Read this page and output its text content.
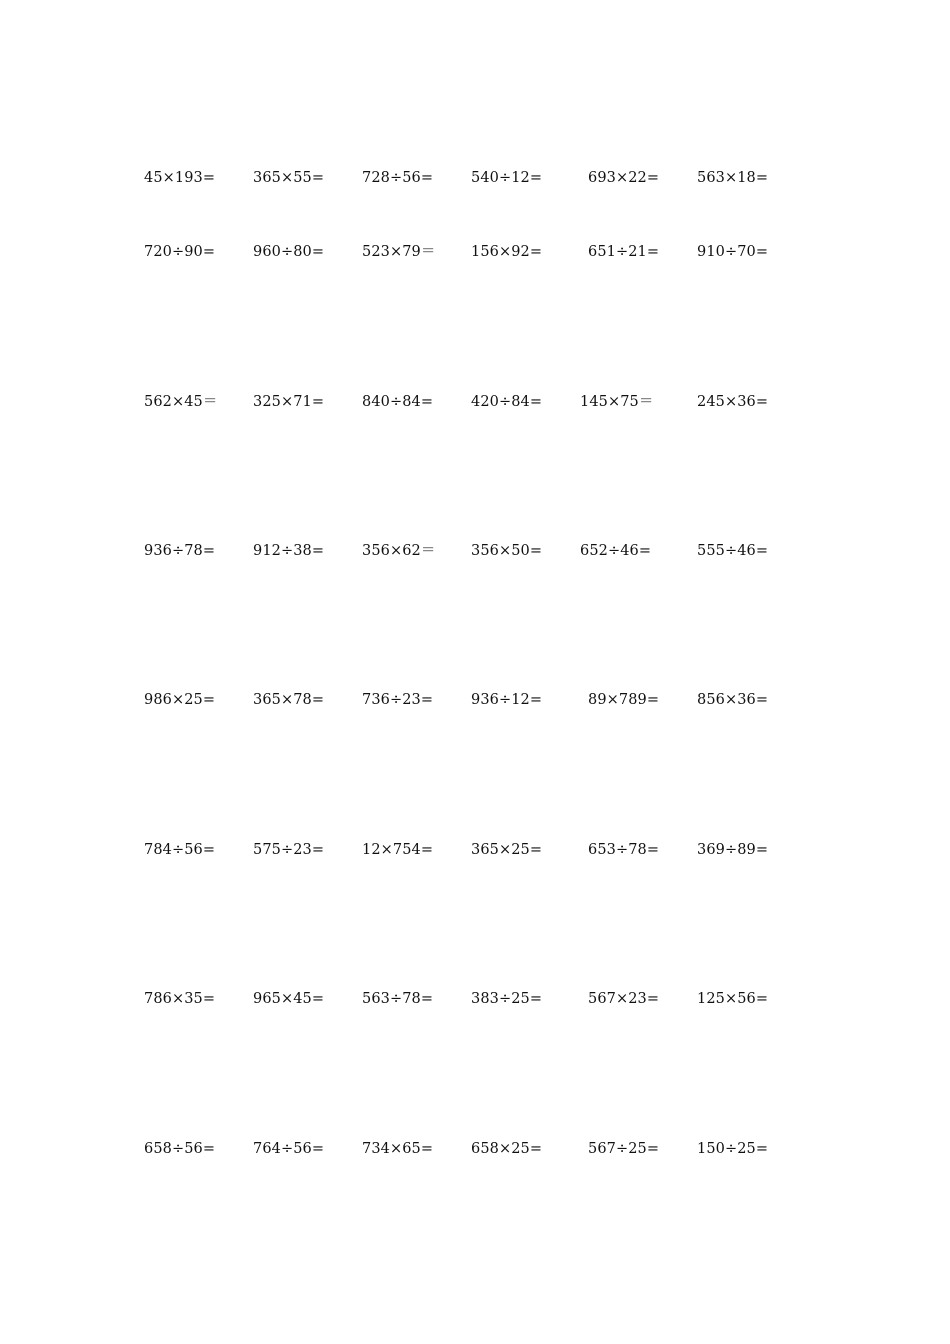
45×193=	365×55=	728÷56=	540÷12=	693×22=	563×18=
720÷90=	960÷80=	523×79＝ 156×92=	651÷21=	910÷70=
562×45＝ 325×71=	840÷84=	420÷84=	145×75＝	245×36=
936÷78=	912÷38=	356×62＝ 356×50=	652÷46=	555÷46=
986×25=	365×78=	736÷23=	936÷12=	89×789=	856×36=
784÷56=	575÷23=	12×754=	365×25=	653÷78=	369÷89=
786×35=	965×45=	563÷78=	383÷25=	567×23=	125×56=
658÷56=	764÷56=	734×65=	658×25=	567÷25=	150÷25=
